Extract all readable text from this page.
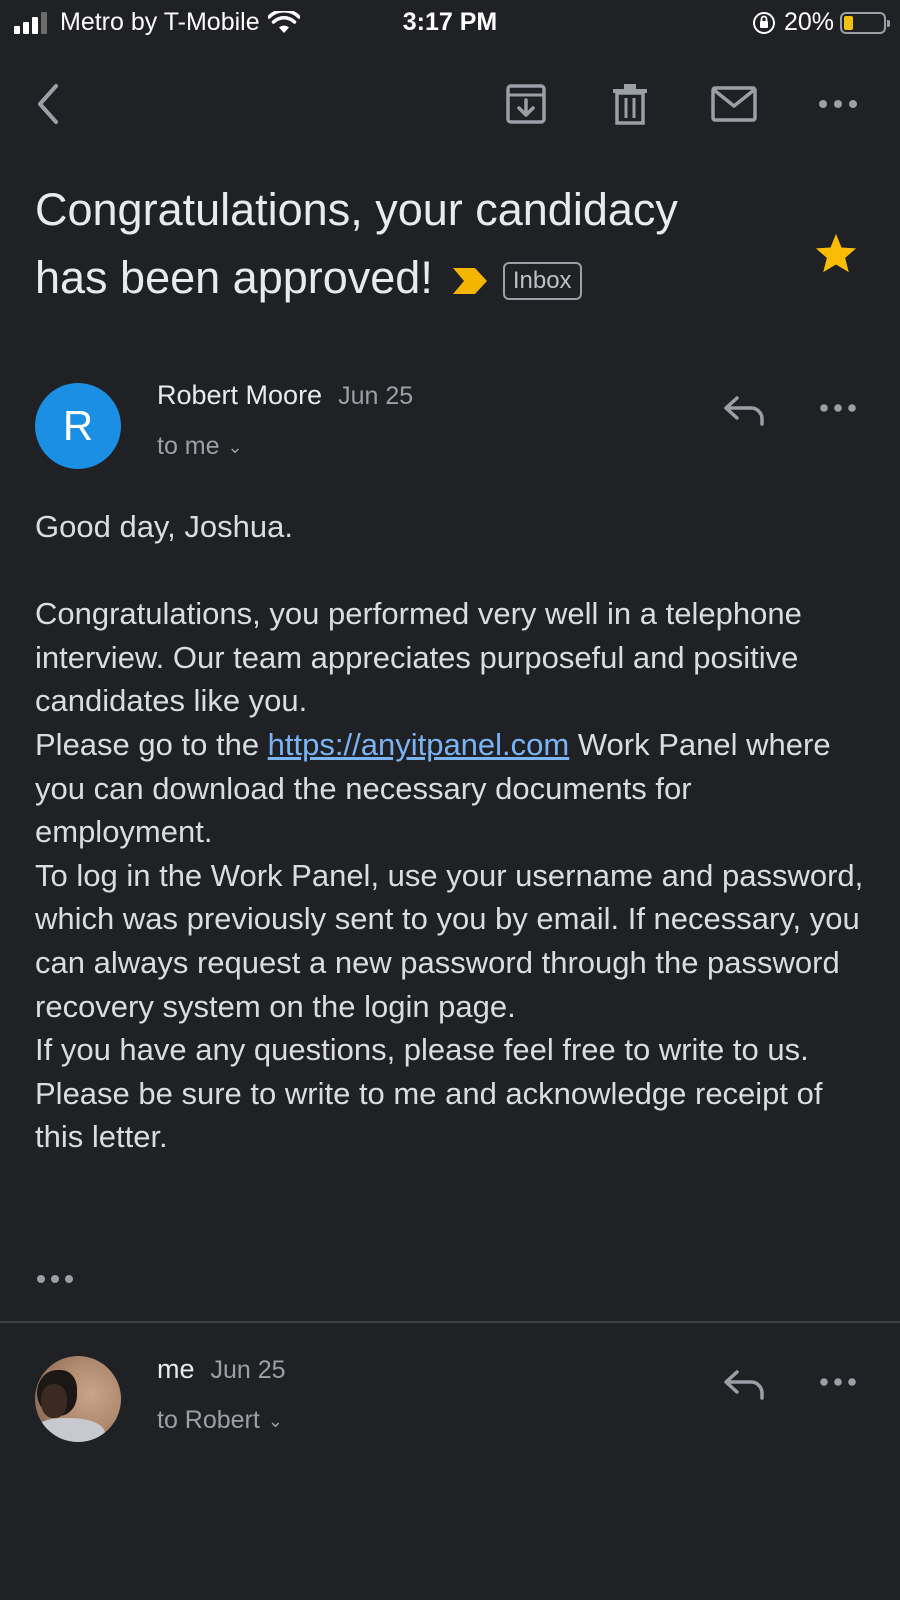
Metro by T-Mobile	3:17 PM	20%
Congratulations, your candidacy
has been approved!	Inbox
R
Robert Moore Jun 25
to me ⌄

Good day, Joshua.

Congratulations, you performed very well in a telephone interview. Our team appreciates purposeful and positive candidates like you.

Please go to the https://anyitpanel.com Work Panel where you can download the necessary documents for employment.

To log in the Work Panel, use your username and password, which was previously sent to you by email. If necessary, you can always request a new password through the password recovery system on the login page.

If you have any questions, please feel free to write to us.

Please be sure to write to me and acknowledge receipt of this letter.

me Jun 25
to Robert ⌄
